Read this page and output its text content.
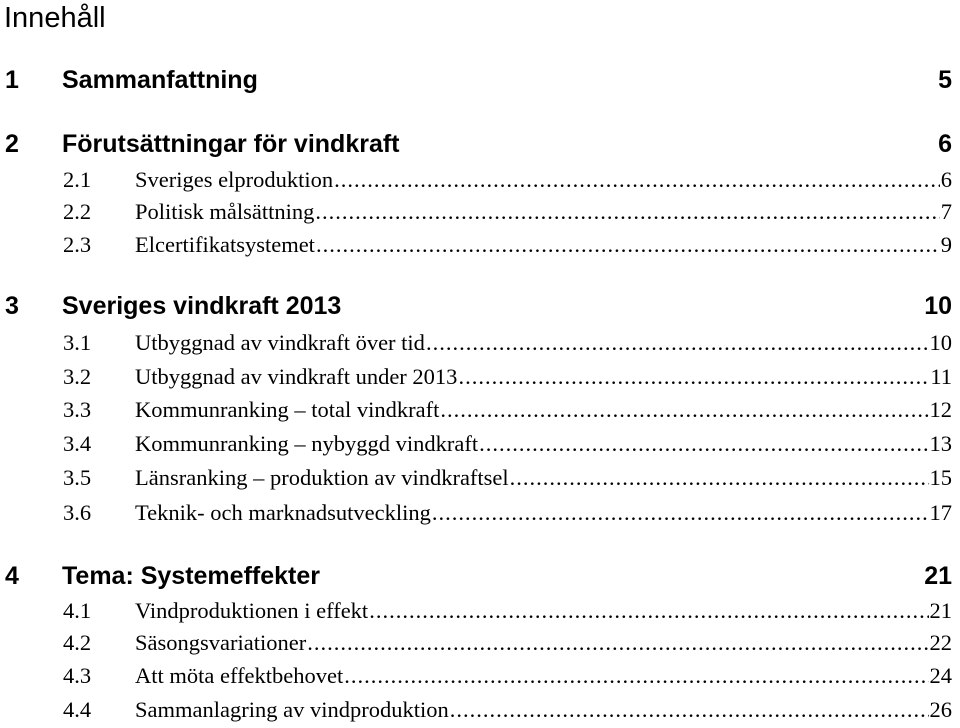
Innehåll
1	Sammanfattning	5
2	Förutsättningar för vindkraft	6
2.1	Sveriges elproduktion .....	6
2.2	Politisk målsättning .....	7
2.3	Elcertifikatsystemet .....	9
3	Sveriges vindkraft 2013	10
3.1	Utbyggnad av vindkraft över tid .....	10
3.2	Utbyggnad av vindkraft under 2013 .....	11
3.3	Kommunranking – total vindkraft .....	12
3.4	Kommunranking – nybyggd vindkraft .....	13
3.5	Länsranking – produktion av vindkraftsel .....	15
3.6	Teknik- och marknadsutveckling .....	17
4	Tema: Systemeffekter	21
4.1	Vindproduktionen i effekt .....	21
4.2	Säsongsvariationer .....	22
4.3	Att möta effektbehovet .....	24
4.4	Sammanlagring av vindproduktion .....	26
